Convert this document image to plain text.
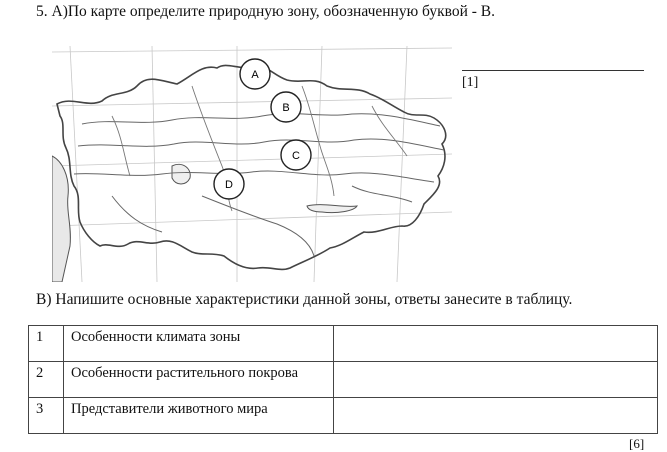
5. А)По карте определите природную зону, обозначенную буквой - В.
[1]
A
B
C
D
В) Напишите основные характеристики данной зоны, ответы занесите в таблицу.
1	Особенности климата зоны	
2	Особенности растительного покрова	
3	Представители животного мира	
[6]
